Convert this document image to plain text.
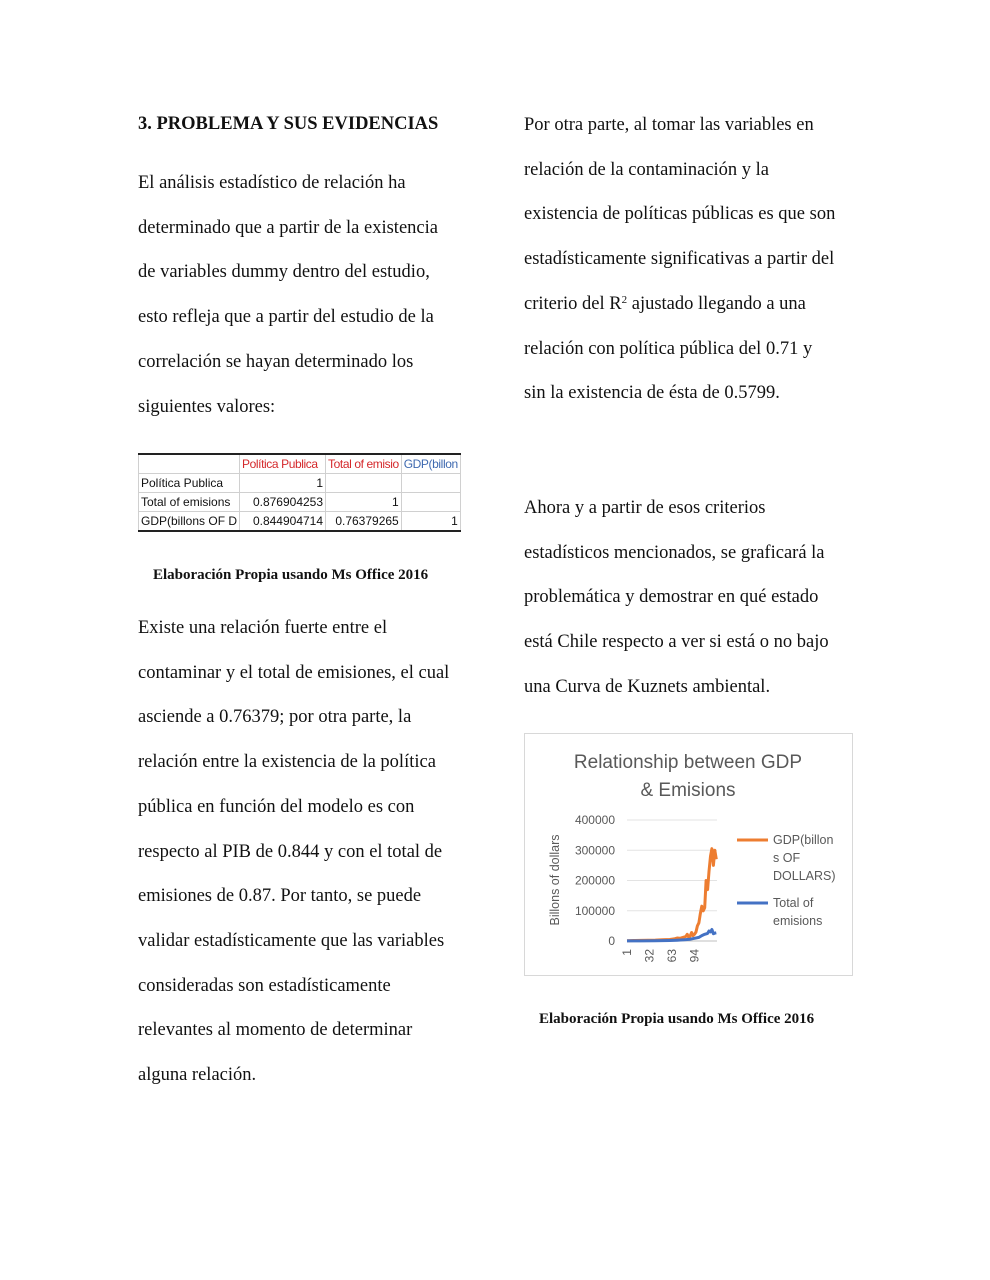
3. PROBLEMA Y SUS EVIDENCIAS

El análisis estadístico de relación ha
determinado que a partir de la existencia
de variables dummy dentro del estudio,
esto refleja que a partir del estudio de la
correlación se hayan determinado los
siguientes valores:

	Política Publica	Total of emisio	GDP(billon
Política Publica	1		
Total of emisions	0.876904253	1	
GDP(billons OF D	0.844904714	0.76379265	1
Elaboración Propia usando Ms Office 2016

Existe una relación fuerte entre el
contaminar y el total de emisiones, el cual
asciende a 0.76379; por otra parte, la
relación entre la existencia de la política
pública en función del modelo es con
respecto al PIB de 0.844 y con el total de
emisiones de 0.87. Por tanto, se puede
validar estadísticamente que las variables
consideradas son estadísticamente
relevantes al momento de determinar
alguna relación.

Por otra parte, al tomar las variables en
relación de la contaminación y la
existencia de políticas públicas es que son
estadísticamente significativas a partir del
criterio del $R^2$ ajustado llegando a una
relación con política pública del 0.71 y
sin la existencia de ésta de 0.5799.

Ahora y a partir de esos criterios
estadísticos mencionados, se graficará la
problemática y demostrar en qué estado
está Chile respecto a ver si está o no bajo
una Curva de Kuznets ambiental.

Relationship between GDP
& Emisions
Billons of dollars
0
100000
200000
300000
400000
1 32 63 94
GDP(billon
s OF
DOLLARS)
Total of
emisions
Elaboración Propia usando Ms Office 2016
